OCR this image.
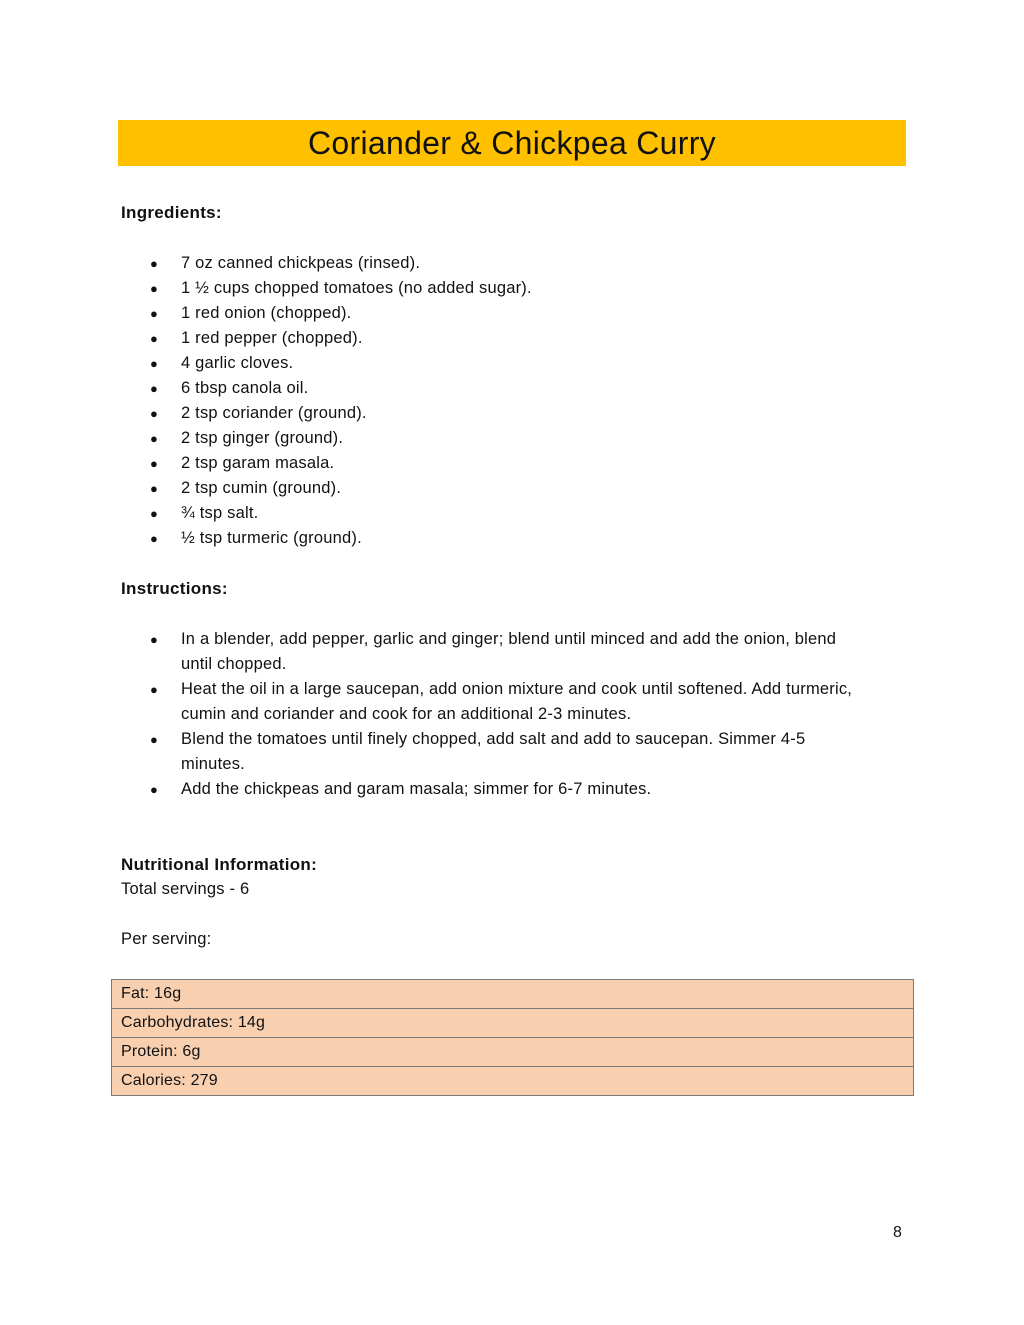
Coriander & Chickpea Curry
Ingredients:
● 7 oz canned chickpeas (rinsed).
● 1 ½ cups chopped tomatoes (no added sugar).
● 1 red onion (chopped).
● 1 red pepper (chopped).
● 4 garlic cloves.
● 6 tbsp canola oil.
● 2 tsp coriander (ground).
● 2 tsp ginger (ground).
● 2 tsp garam masala.
● 2 tsp cumin (ground).
● ¾ tsp salt.
● ½ tsp turmeric (ground).
Instructions:
● In a blender, add pepper, garlic and ginger; blend until minced and add the onion, blend until chopped.
● Heat the oil in a large saucepan, add onion mixture and cook until softened. Add turmeric, cumin and coriander and cook for an additional 2-3 minutes.
● Blend the tomatoes until finely chopped, add salt and add to saucepan. Simmer 4-5 minutes.
● Add the chickpeas and garam masala; simmer for 6-7 minutes.
Nutritional Information:

Total servings - 6

Per serving:

Fat: 16g
Carbohydrates: 14g
Protein: 6g
Calories: 279

8
